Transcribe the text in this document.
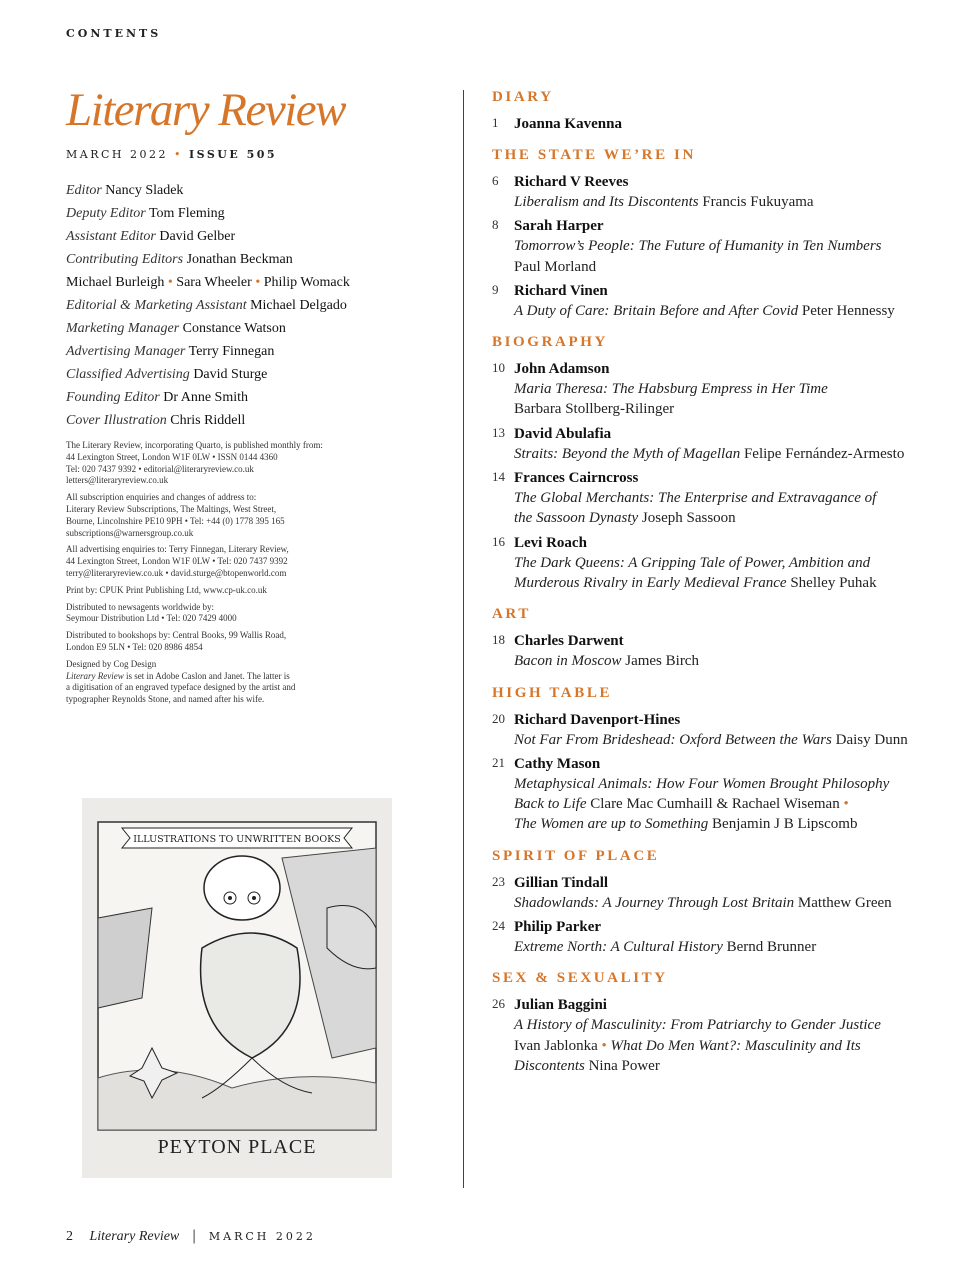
CONTENTS
Literary Review
MARCH 2022 • ISSUE 505
Editor Nancy Sladek
Deputy Editor Tom Fleming
Assistant Editor David Gelber
Contributing Editors Jonathan Beckman
Michael Burleigh • Sara Wheeler • Philip Womack
Editorial & Marketing Assistant Michael Delgado
Marketing Manager Constance Watson
Advertising Manager Terry Finnegan
Classified Advertising David Sturge
Founding Editor Dr Anne Smith
Cover Illustration Chris Riddell

The Literary Review, incorporating Quarto, is published monthly from:
44 Lexington Street, London W1F 0LW • ISSN 0144 4360
Tel: 020 7437 9392 • editorial@literaryreview.co.uk
letters@literaryreview.co.uk

All subscription enquiries and changes of address to:
Literary Review Subscriptions, The Maltings, West Street,
Bourne, Lincolnshire PE10 9PH • Tel: +44 (0) 1778 395 165
subscriptions@warnersgroup.co.uk

All advertising enquiries to: Terry Finnegan, Literary Review,
44 Lexington Street, London W1F 0LW • Tel: 020 7437 9392
terry@literaryreview.co.uk • david.sturge@btopenworld.com

Print by: CPUK Print Publishing Ltd, www.cp-uk.co.uk

Distributed to newsagents worldwide by:
Seymour Distribution Ltd • Tel: 020 7429 4000

Distributed to bookshops by: Central Books, 99 Wallis Road,
London E9 5LN • Tel: 020 8986 4854

Designed by Cog Design
Literary Review is set in Adobe Caslon and Janet. The latter is
a digitisation of an engraved typeface designed by the artist and
typographer Reynolds Stone, and named after his wife.

ILLUSTRATIONS TO UNWRITTEN BOOKS
PEYTON PLACE
DIARY
1 Joanna Kavenna
THE STATE WE’RE IN
6 Richard V Reeves
Liberalism and Its Discontents Francis Fukuyama
8 Sarah Harper
Tomorrow’s People: The Future of Humanity in Ten Numbers
Paul Morland
9 Richard Vinen
A Duty of Care: Britain Before and After Covid Peter Hennessy
BIOGRAPHY
10 John Adamson
Maria Theresa: The Habsburg Empress in Her Time
Barbara Stollberg-Rilinger
13 David Abulafia
Straits: Beyond the Myth of Magellan Felipe Fernández-Armesto
14 Frances Cairncross
The Global Merchants: The Enterprise and Extravagance of
the Sassoon Dynasty Joseph Sassoon
16 Levi Roach
The Dark Queens: A Gripping Tale of Power, Ambition and
Murderous Rivalry in Early Medieval France Shelley Puhak
ART
18 Charles Darwent
Bacon in Moscow James Birch
HIGH TABLE
20 Richard Davenport-Hines
Not Far From Brideshead: Oxford Between the Wars Daisy Dunn
21 Cathy Mason
Metaphysical Animals: How Four Women Brought Philosophy
Back to Life Clare Mac Cumhaill & Rachael Wiseman •
The Women are up to Something Benjamin J B Lipscomb
SPIRIT OF PLACE
23 Gillian Tindall
Shadowlands: A Journey Through Lost Britain Matthew Green
24 Philip Parker
Extreme North: A Cultural History Bernd Brunner
SEX & SEXUALITY
26 Julian Baggini
A History of Masculinity: From Patriarchy to Gender Justice
Ivan Jablonka • What Do Men Want?: Masculinity and Its
Discontents Nina Power
2 Literary Review | MARCH 2022
